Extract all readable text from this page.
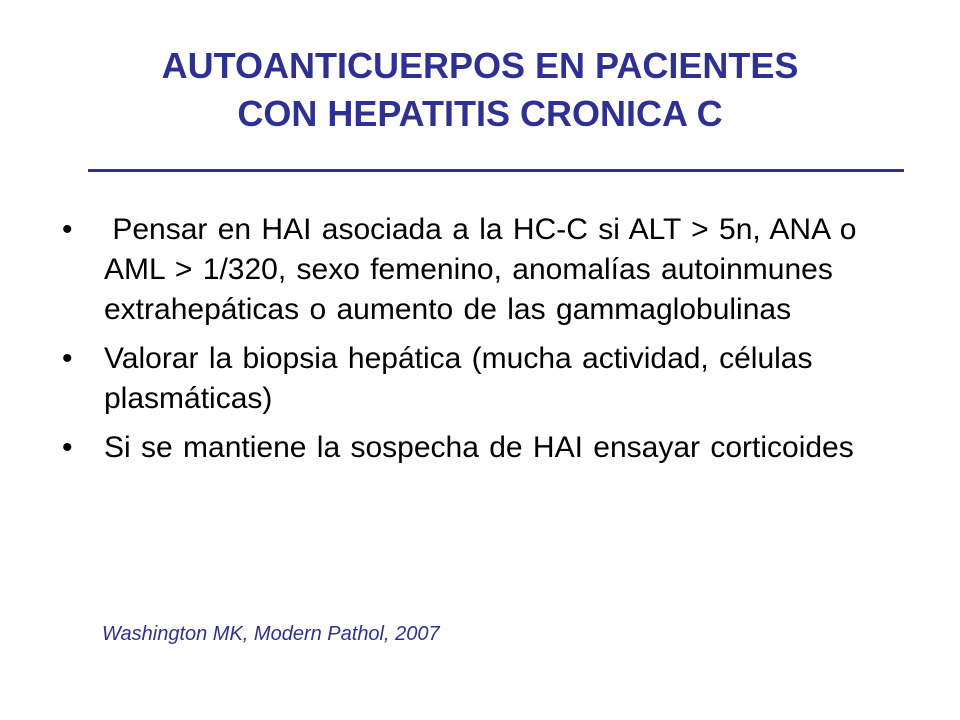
AUTOANTICUERPOS EN PACIENTES
CON HEPATITIS CRONICA C
•	Pensar en HAI asociada a la HC-C si ALT > 5n, ANA o AML > 1/320, sexo femenino, anomalías autoinmunes extrahepáticas o aumento de las gammaglobulinas
•	Valorar la biopsia hepática (mucha actividad, células plasmáticas)
•	Si se mantiene la sospecha de HAI ensayar corticoides
Washington MK, Modern Pathol, 2007
